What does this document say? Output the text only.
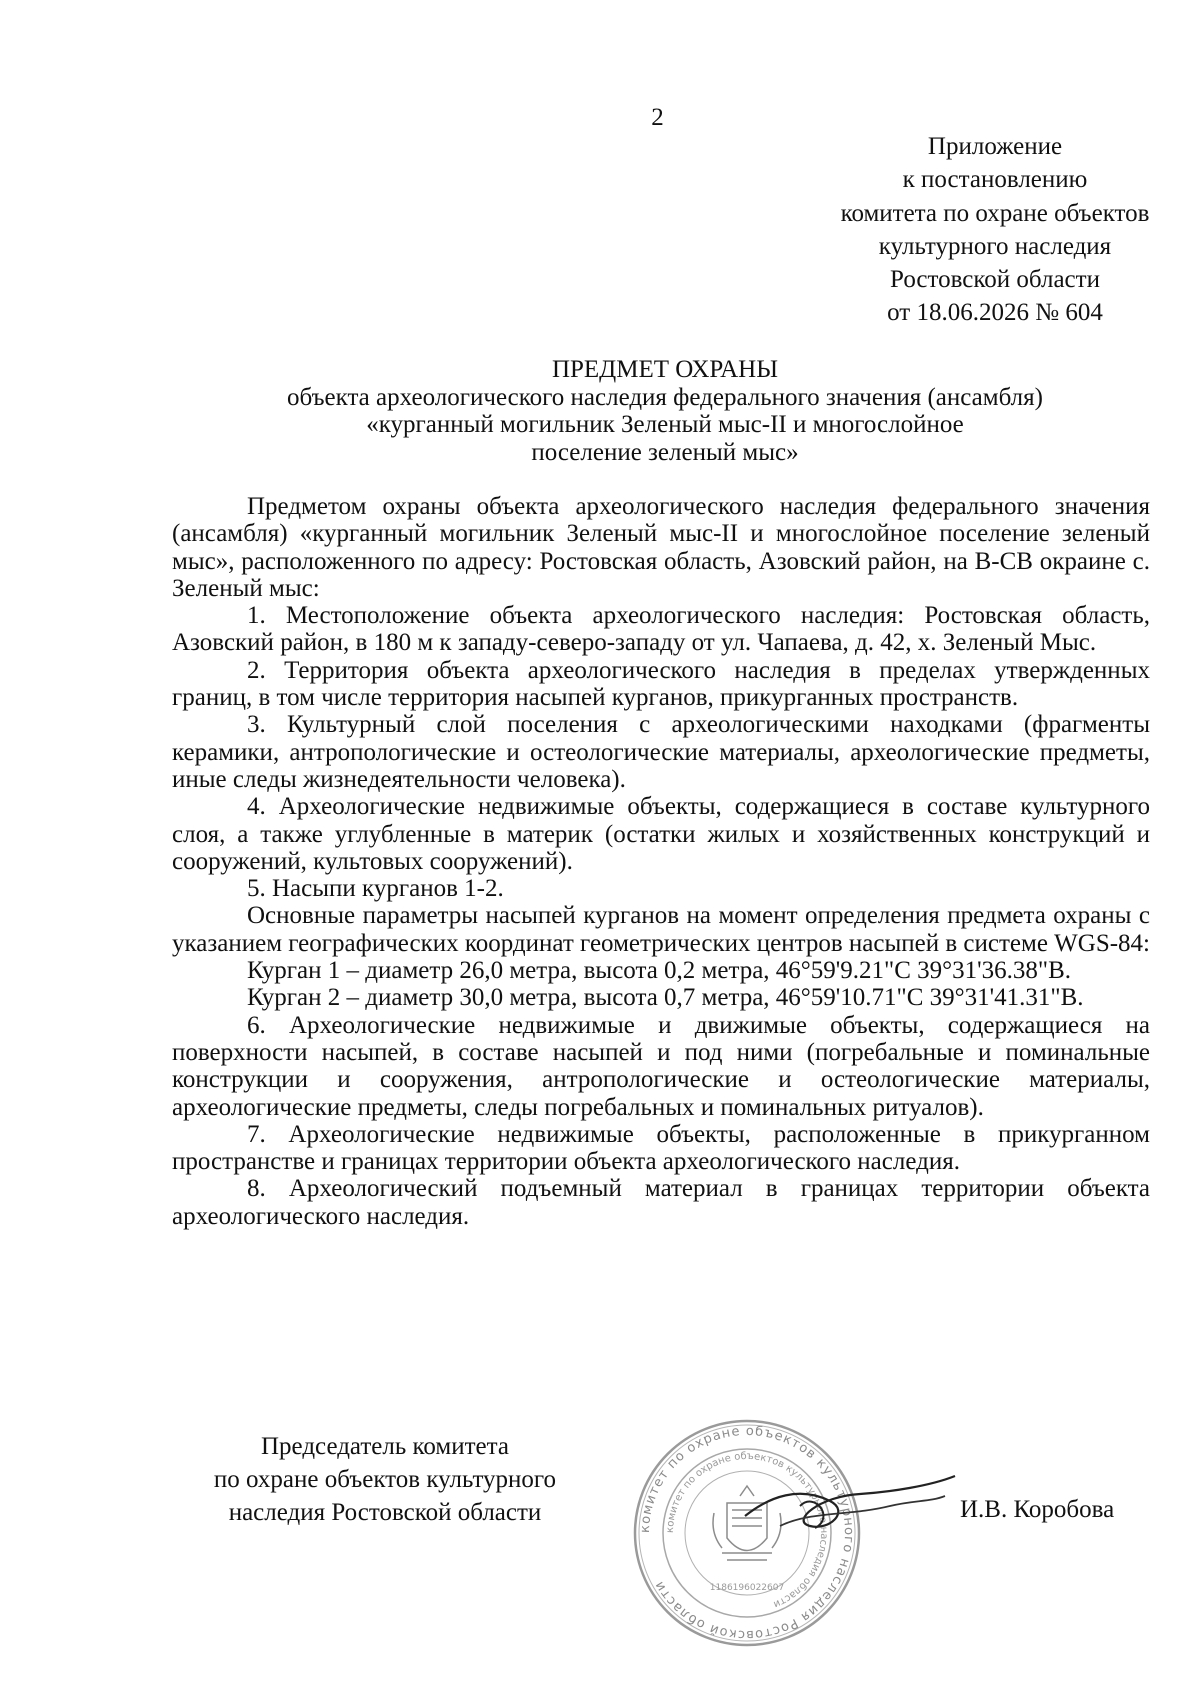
2
Приложение
к постановлению
комитета по охране объектов
культурного наследия
Ростовской области
от 18.06.2026 № 604
ПРЕДМЕТ ОХРАНЫ
объекта археологического наследия федерального значения (ансамбля)
«курганный могильник Зеленый мыс-II и многослойное
поселение зеленый мыс»

Предметом охраны объекта археологического наследия федерального значения (ансамбля) «курганный могильник Зеленый мыс-II и многослойное поселение зеленый мыс», расположенного по адресу: Ростовская область, Азовский район, на В-СВ окраине с. Зеленый мыс:

1. Местоположение объекта археологического наследия: Ростовская область, Азовский район, в 180 м к западу-северо-западу от ул. Чапаева, д. 42, х. Зеленый Мыс.

2. Территория объекта археологического наследия в пределах утвержденных границ, в том числе территория насыпей курганов, прикурганных пространств.

3. Культурный слой поселения с археологическими находками (фрагменты керамики, антропологические и остеологические материалы, археологические предметы, иные следы жизнедеятельности человека).

4. Археологические недвижимые объекты, содержащиеся в составе культурного слоя, а также углубленные в материк (остатки жилых и хозяйственных конструкций и сооружений, культовых сооружений).

5. Насыпи курганов 1-2.

Основные параметры насыпей курганов на момент определения предмета охраны с указанием географических координат геометрических центров насыпей в системе WGS-84:

Курган 1 – диаметр 26,0 метра, высота 0,2 метра, 46°59'9.21"С 39°31'36.38"В.

Курган 2 – диаметр 30,0 метра, высота 0,7 метра, 46°59'10.71"С 39°31'41.31"В.

6. Археологические недвижимые и движимые объекты, содержащиеся на поверхности насыпей, в составе насыпей и под ними (погребальные и поминальные конструкции и сооружения, антропологические и остеологические материалы, археологические предметы, следы погребальных и поминальных ритуалов).

7. Археологические недвижимые объекты, расположенные в прикурганном пространстве и границах территории объекта археологического наследия.

8. Археологический подъемный материал в границах территории объекта археологического наследия.

Председатель комитета
по охране объектов культурного
наследия Ростовской области
комитет по охране объектов культурного наследия Ростовской области
комитет по охране объектов культурного наследия области
1186196022607
И.В. Коробова
